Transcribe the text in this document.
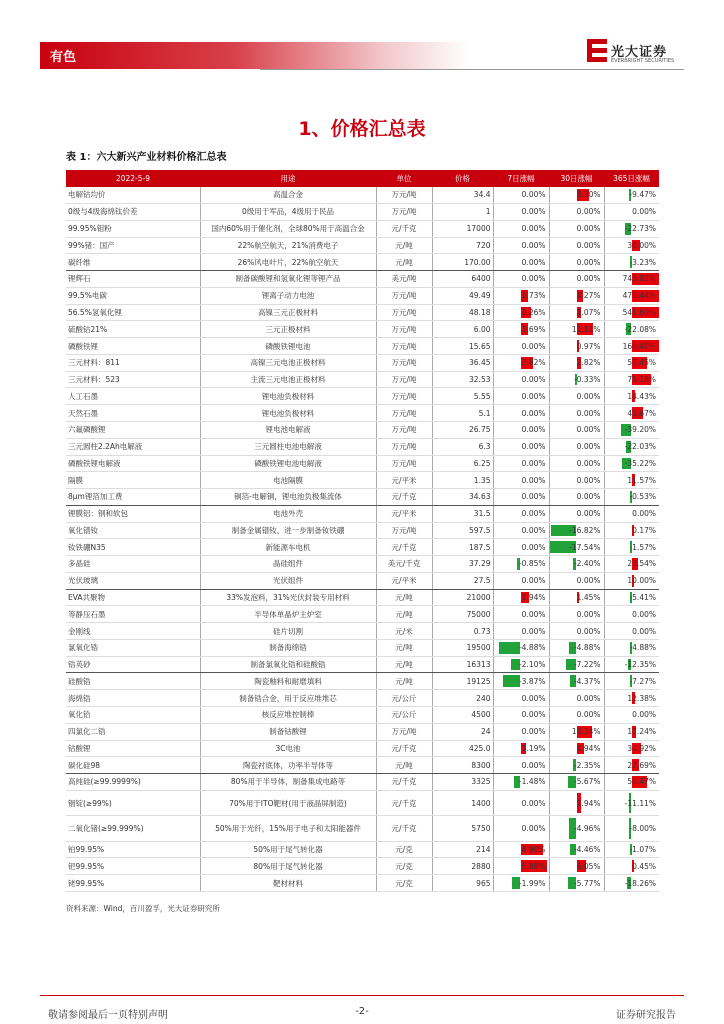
有色	光大证券
EVERBRIGHT SECURITIES
1、价格汇总表
表 1：六大新兴产业材料价格汇总表
2022-5-9	用途	单位	价格	7日涨幅	30日涨幅	365日涨幅
电解钴均价	高温合金	万元/吨	34.4	0.00%	8.30%	-9.47%
0级与4级海绵钛价差	0级用于军品，4级用于民品	万元/吨	1	0.00%	0.00%	0.00%
99.95%钼粉	国内60%用于催化剂，全球80%用于高温合金	元/千克	17000	0.00%	0.00%	-22.73%
99%锗：国产	22%航空航天，21%消费电子	元/吨	720	0.00%	0.00%	30.00%
碳纤维	26%风电叶片，22%航空航天	元/吨	170.00	0.00%	0.00%	-3.23%
锂辉石	制备碳酸锂和氢氧化锂等锂产品	美元/吨	6400	0.00%	0.00%	743.82%
99.5%电碳	锂离子动力电池	万元/吨	49.49	1.73%	4.27%	475.44%
56.5%氢氧化锂	高镍三元正极材料	万元/吨	48.18	2.26%	3.07%	541.60%
硫酸钴21%	三元正极材料	万元/吨	6.00	1.69%	11.11%	-22.08%
磷酸铁锂	磷酸铁锂电池	万元/吨	15.65	0.00%	0.97%	160.40%
三元材料：811	高镍三元电池正极材料	万元/吨	36.45	2.82%	2.82%	57.45%
三元材料：523	主流三元电池正极材料	万元/吨	32.53	0.00%	-0.33%	71.18%
人工石墨	锂电池负极材料	万元/吨	5.55	0.00%	0.00%	14.43%
天然石墨	锂电池负极材料	万元/吨	5.1	0.00%	0.00%	41.67%
六氟磷酸锂	锂电池电解液	万元/吨	26.75	0.00%	0.00%	-39.20%
三元圆柱2.2Ah电解液	三元圆柱电池电解液	万元/吨	6.3	0.00%	0.00%	-22.03%
磷酸铁锂电解液	磷酸铁锂电池电解液	万元/吨	6.25	0.00%	0.00%	-35.22%
隔膜	电池隔膜	元/平米	1.35	0.00%	0.00%	11.57%
8μm锂箔加工费	铜箔-电解铜，锂电池负极集流体	元/千克	34.63	0.00%	0.00%	-0.53%
锂膜铝：钢和软包	电池外壳	元/平米	31.5	0.00%	0.00%	0.00%
氧化镨钕	制备金属镨钕，进一步制备钕铁硼	万元/吨	597.5	0.00%	-16.82%	0.17%
钕铁硼N35	新能源车电机	元/千克	187.5	0.00%	-17.54%	-1.57%
多晶硅	晶硅组件	美元/千克	37.29	-0.85%	-2.40%	23.54%
光伏玻璃	光伏组件	元/平米	27.5	0.00%	0.00%	10.00%
EVA共聚物	33%发泡料，31%光伏封装专用材料	元/吨	21000	1.94%	1.45%	-5.41%
等静压石墨	半导体单晶炉主炉室	元/吨	75000	0.00%	0.00%	0.00%
金刚线	硅片切割	元/米	0.73	0.00%	0.00%	0.00%
氯氧化锆	制备海绵锆	元/吨	19500	-4.88%	-4.88%	-4.88%
锆英砂	制备氯氧化锆和硅酸锆	元/吨	16313	-2.10%	-7.22%	-12.35%
硅酸锆	陶瓷釉料和耐磨填料	元/吨	19125	-3.87%	-4.37%	-7.27%
海绵锆	制备锆合金，用于反应堆堆芯	元/公斤	240	0.00%	0.00%	12.38%
氧化铪	核反应堆控制棒	元/公斤	4500	0.00%	0.00%	0.00%
四氯化二锆	制备钴酸锂	万元/吨	24	0.00%	10.34%	17.24%
钴酸锂	3C电池	元/千克	425.0	1.19%	4.94%	34.92%
碳化硅98	陶瓷衬底体，功率半导体等	元/吨	8300	0.00%	-2.35%	27.69%
高纯硅(≥99.9999%)	80%用于半导体，制备集成电路等	元/千克	3325	-1.48%	-5.67%	56.47%
铟锭(≥99%)	70%用于ITO靶材(用于液晶屏制造)	元/千克	1400	0.00%	2.94%	-11.11%
二氧化锗(≥99.999%)	50%用于光纤，15%用于电子和太阳能器件	元/千克	5750	0.00%	-4.96%	-8.00%
铂99.95%	50%用于尾气转化器	元/克	214	4.90%	-4.46%	-1.07%
钯99.95%	80%用于尾气转化器	元/克	2880	5.88%	6.05%	0.45%
铑99.95%	靶材材料	元/克	965	-1.99%	-5.77%	-18.26%
资料来源：Wind，百川盈孚，光大证券研究所
敬请参阅最后一页特别声明	-2-	证券研究报告
